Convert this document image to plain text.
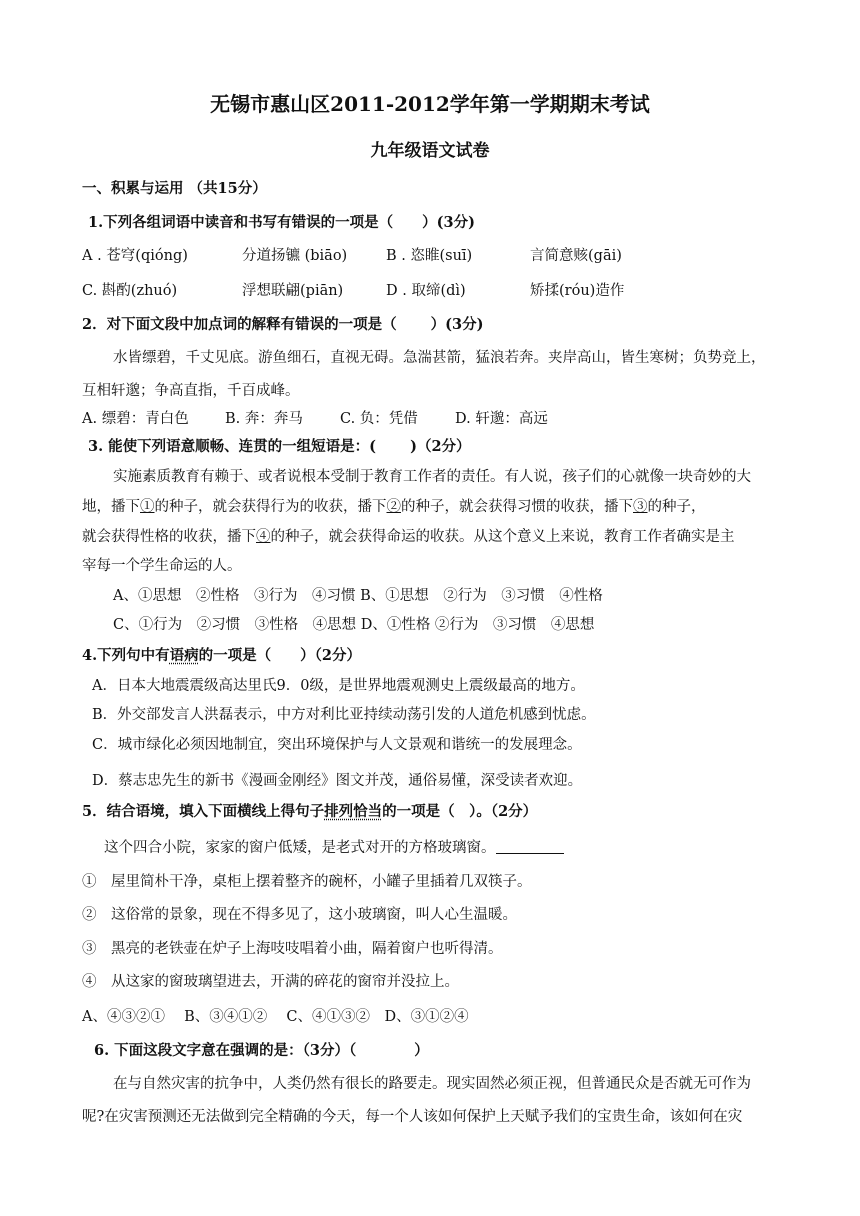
无锡市惠山区2011-2012学年第一学期期末考试
九年级语文试卷
一、积累与运用 （共15分）
1.下列各组词语中读音和书写有错误的一项是（　　）(3分)
A . 苍穹(qióng)	分道扬镳 (biāo)	B . 恣睢(suī)	言简意赅(gāi)
C. 斟酌(zhuó)	浮想联翩(piān)	D . 取缔(dì)	矫揉(róu)造作
2．对下面文段中加点词的解释有错误的一项是（　　 ）(3分)
水皆缥碧，千丈见底。游鱼细石，直视无碍。急湍甚箭，猛浪若奔。夹岸高山，皆生寒树；负势竞上，
互相轩邈；争高直指，千百成峰。
A. 缥碧：青白色	B. 奔：奔马	C. 负：凭借	D. 轩邈：高远
3. 能使下列语意顺畅、连贯的一组短语是：(　　 )（2分）
实施素质教育有赖于、或者说根本受制于教育工作者的责任。有人说，孩子们的心就像一块奇妙的大
地，播下①的种子，就会获得行为的收获，播下②的种子，就会获得习惯的收获，播下③的种子，
就会获得性格的收获，播下④的种子，就会获得命运的收获。从这个意义上来说，教育工作者确实是主
宰每一个学生命运的人。
A、①思想　②性格　③行为　④习惯 B、①思想　②行为　③习惯　④性格
C、①行为　②习惯　③性格　④思想 D、①性格 ②行为　③习惯　④思想
4.下列句中有语病的一项是（　　）（2分）
A．日本大地震震级高达里氏9．0级，是世界地震观测史上震级最高的地方。
B．外交部发言人洪磊表示，中方对利比亚持续动荡引发的人道危机感到忧虑。
C．城市绿化必须因地制宜，突出环境保护与人文景观和谐统一的发展理念。
D．蔡志忠先生的新书《漫画金刚经》图文并茂，通俗易懂，深受读者欢迎。
5．结合语境，填入下面横线上得句子排列恰当的一项是（　）。（2分）
这个四合小院，家家的窗户低矮，是老式对开的方格玻璃窗。
①　屋里简朴干净，桌柜上摆着整齐的碗杯，小罐子里插着几双筷子。
②　这俗常的景象，现在不得多见了，这小玻璃窗，叫人心生温暖。
③　黑亮的老铁壶在炉子上海吱吱唱着小曲，隔着窗户也听得清。
④　从这家的窗玻璃望进去，开满的碎花的窗帘并没拉上。
A、④③②①　 B、③④①②　 C、④①③②　D、③①②④
6. 下面这段文字意在强调的是：（3分）（　　　　）
在与自然灾害的抗争中，人类仍然有很长的路要走。现实固然必须正视，但普通民众是否就无可作为
呢?在灾害预测还无法做到完全精确的今天，每一个人该如何保护上天赋予我们的宝贵生命，该如何在灾
